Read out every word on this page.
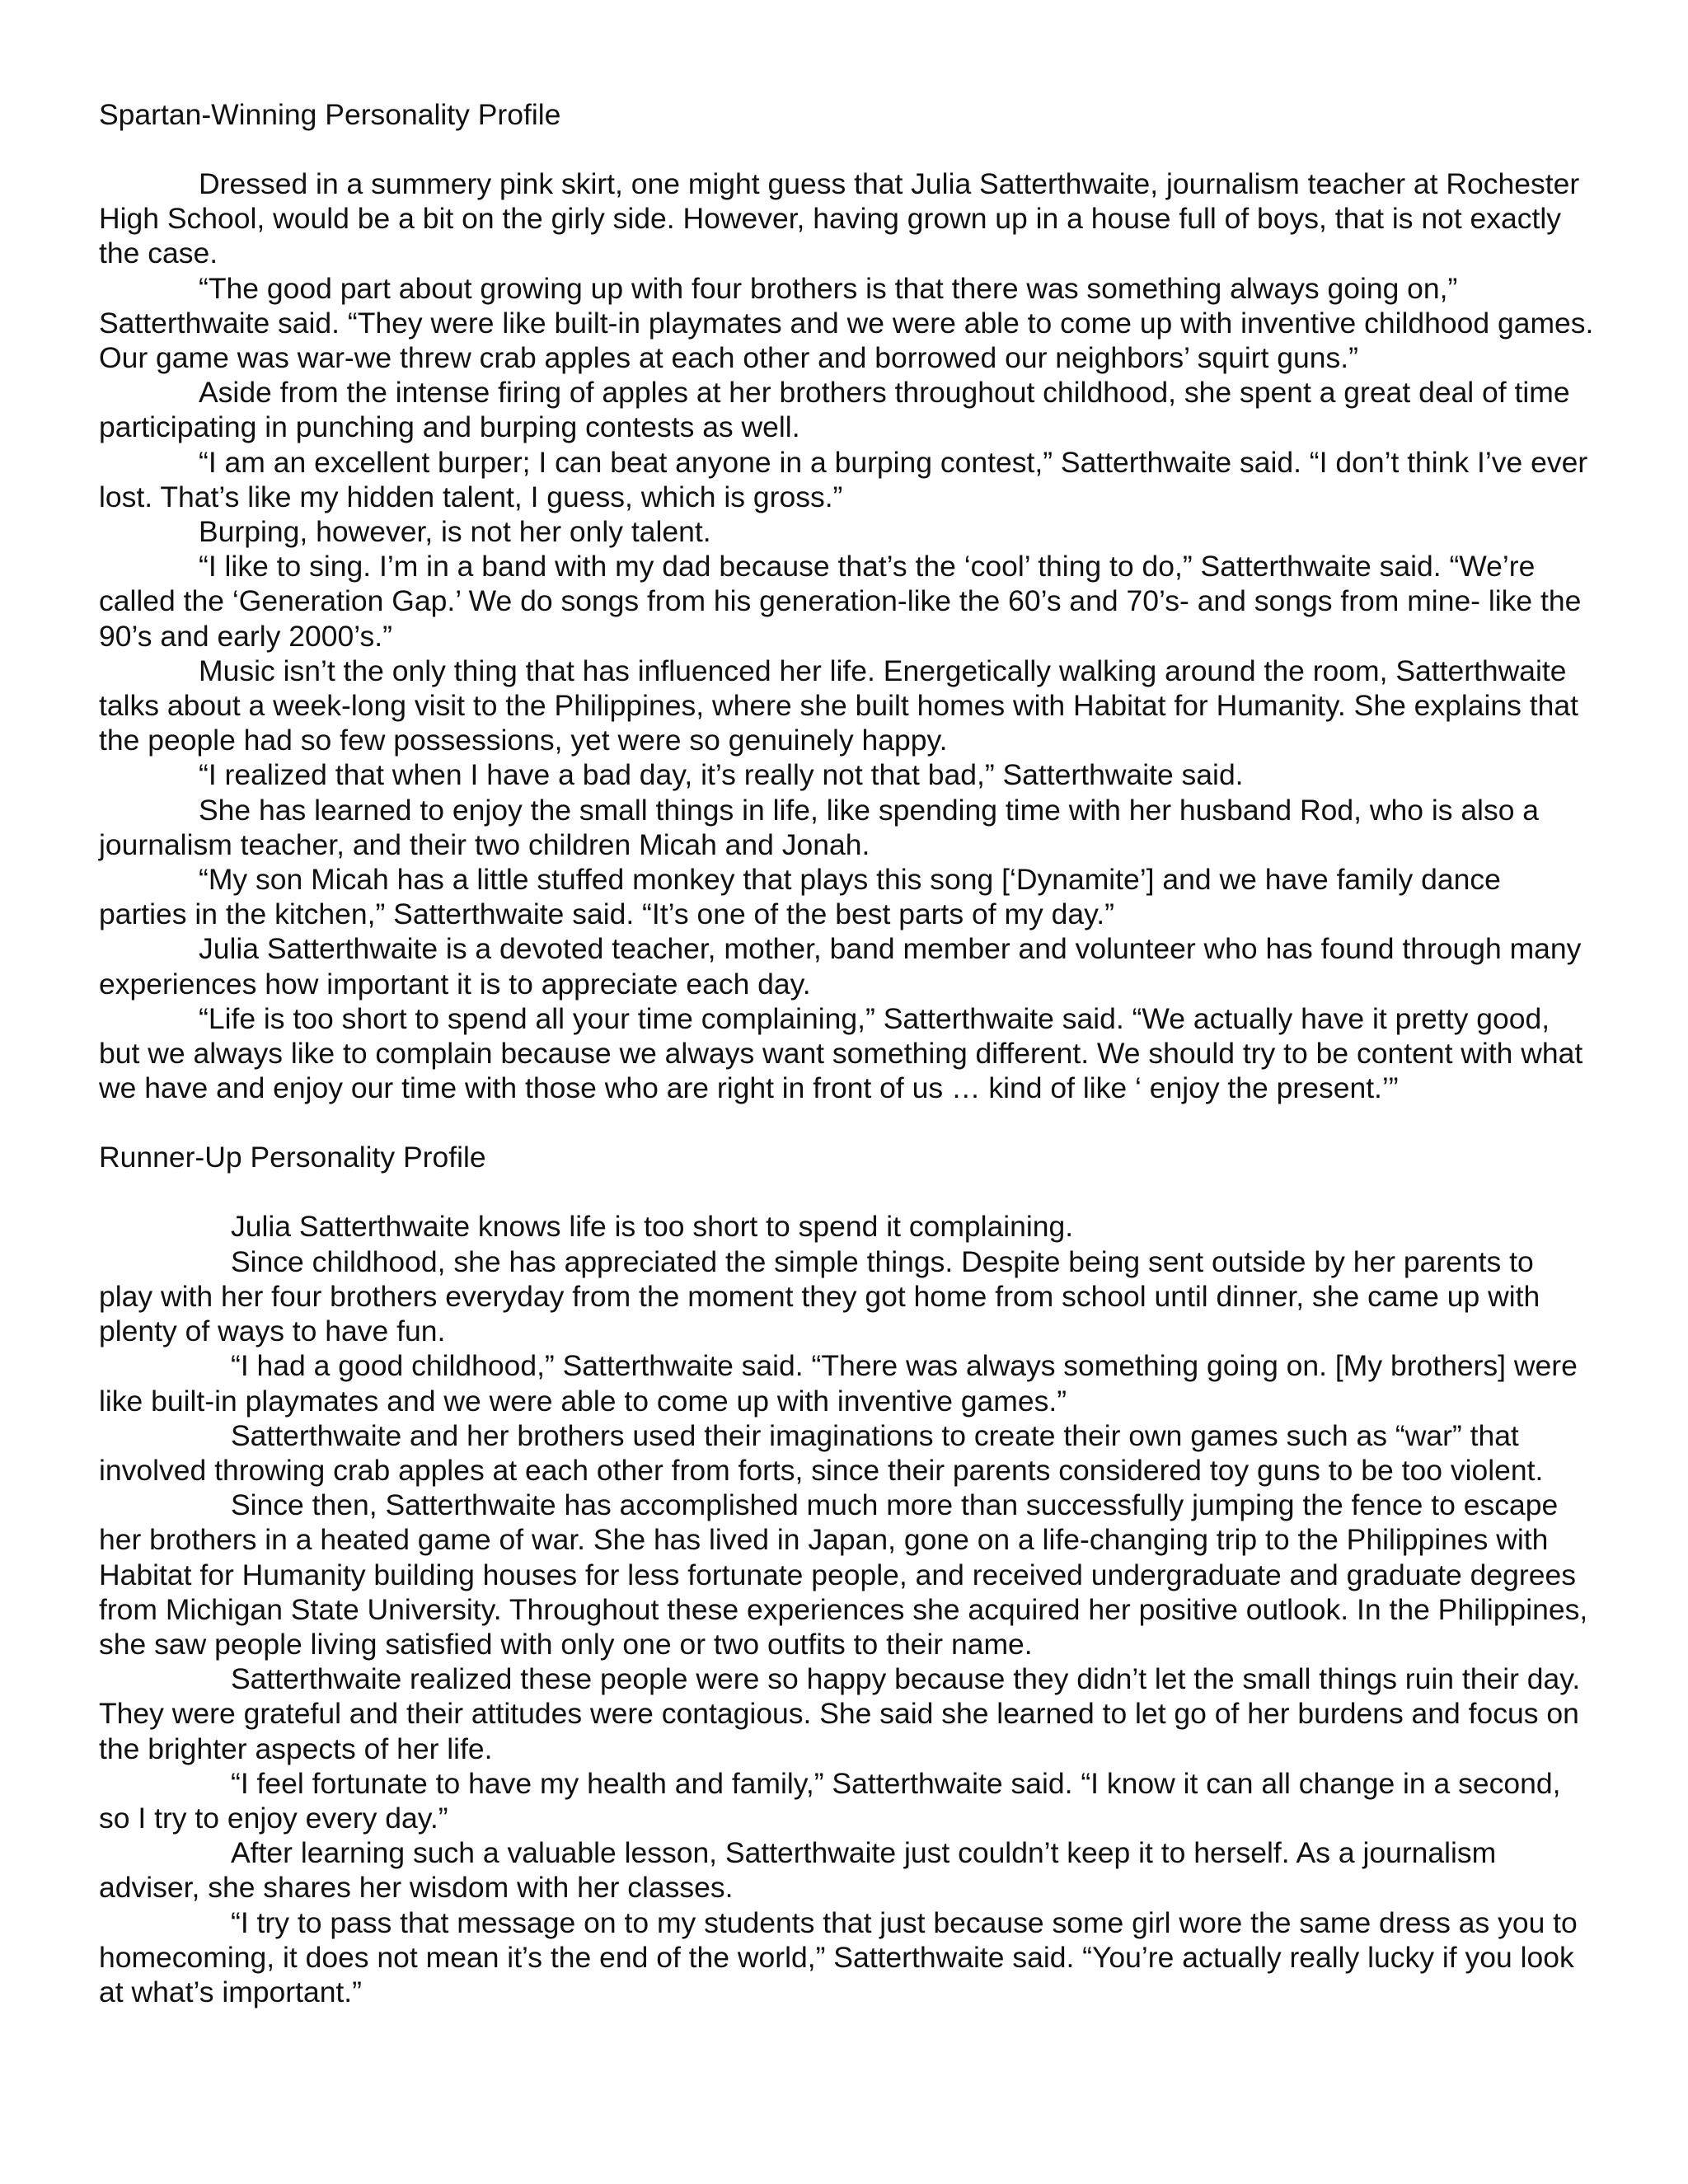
Spartan-Winning Personality Profile

Dressed in a summery pink skirt, one might guess that Julia Satterthwaite, journalism teacher at Rochester High School, would be a bit on the girly side. However, having grown up in a house full of boys, that is not exactly the case.

“The good part about growing up with four brothers is that there was something always going on,” Satterthwaite said. “They were like built-in playmates and we were able to come up with inventive childhood games. Our game was war-we threw crab apples at each other and borrowed our neighbors’ squirt guns.”

Aside from the intense firing of apples at her brothers throughout childhood, she spent a great deal of time participating in punching and burping contests as well.

“I am an excellent burper; I can beat anyone in a burping contest,” Satterthwaite said. “I don’t think I’ve ever lost. That’s like my hidden talent, I guess, which is gross.”

Burping, however, is not her only talent.

“I like to sing. I’m in a band with my dad because that’s the ‘cool’ thing to do,” Satterthwaite said. “We’re called the ‘Generation Gap.’ We do songs from his generation-like the 60’s and 70’s- and songs from mine- like the 90’s and early 2000’s.”

Music isn’t the only thing that has influenced her life. Energetically walking around the room, Satterthwaite talks about a week-long visit to the Philippines, where she built homes with Habitat for Humanity. She explains that the people had so few possessions, yet were so genuinely happy.

“I realized that when I have a bad day, it’s really not that bad,” Satterthwaite said.

She has learned to enjoy the small things in life, like spending time with her husband Rod, who is also a journalism teacher, and their two children Micah and Jonah.

“My son Micah has a little stuffed monkey that plays this song [‘Dynamite’] and we have family dance parties in the kitchen,” Satterthwaite said. “It’s one of the best parts of my day.”

Julia Satterthwaite is a devoted teacher, mother, band member and volunteer who has found through many experiences how important it is to appreciate each day.

“Life is too short to spend all your time complaining,” Satterthwaite said. “We actually have it pretty good, but we always like to complain because we always want something different. We should try to be content with what we have and enjoy our time with those who are right in front of us … kind of like ‘ enjoy the present.’”

Runner-Up Personality Profile

Julia Satterthwaite knows life is too short to spend it complaining.

Since childhood, she has appreciated the simple things. Despite being sent outside by her parents to play with her four brothers everyday from the moment they got home from school until dinner, she came up with plenty of ways to have fun.

“I had a good childhood,” Satterthwaite said. “There was always something going on. [My brothers] were like built-in playmates and we were able to come up with inventive games.”

Satterthwaite and her brothers used their imaginations to create their own games such as “war” that involved throwing crab apples at each other from forts, since their parents considered toy guns to be too violent.

Since then, Satterthwaite has accomplished much more than successfully jumping the fence to escape her brothers in a heated game of war. She has lived in Japan, gone on a life-changing trip to the Philippines with Habitat for Humanity building houses for less fortunate people, and received undergraduate and graduate degrees from Michigan State University. Throughout these experiences she acquired her positive outlook. In the Philippines, she saw people living satisfied with only one or two outfits to their name.

Satterthwaite realized these people were so happy because they didn’t let the small things ruin their day. They were grateful and their attitudes were contagious. She said she learned to let go of her burdens and focus on the brighter aspects of her life.

“I feel fortunate to have my health and family,” Satterthwaite said. “I know it can all change in a second, so I try to enjoy every day.”

After learning such a valuable lesson, Satterthwaite just couldn’t keep it to herself. As a journalism adviser, she shares her wisdom with her classes.

“I try to pass that message on to my students that just because some girl wore the same dress as you to homecoming, it does not mean it’s the end of the world,” Satterthwaite said. “You’re actually really lucky if you look at what’s important.”
